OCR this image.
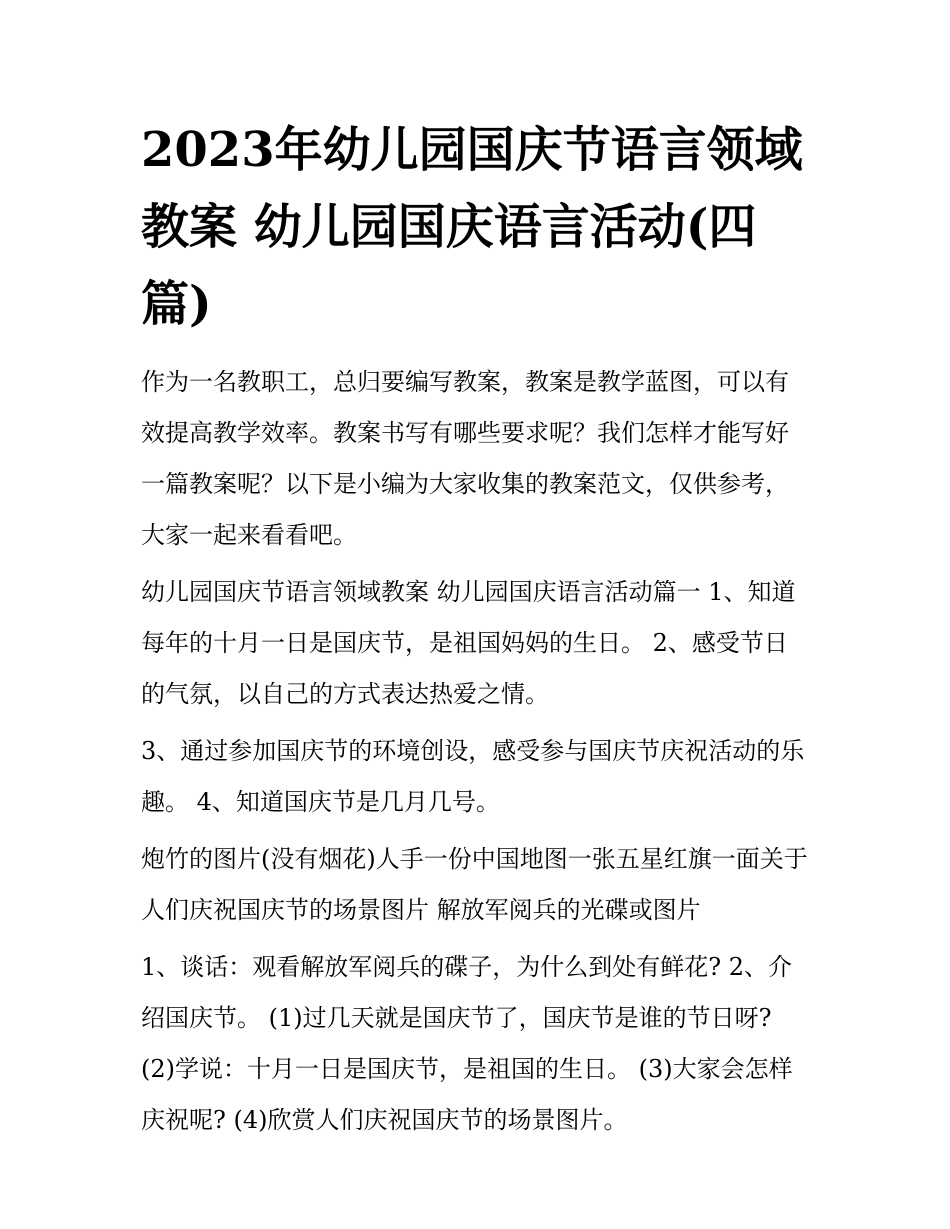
2023年幼儿园国庆节语言领域教案 幼儿园国庆语言活动(四篇)

作为一名教职工，总归要编写教案，教案是教学蓝图，可以有效提高教学效率。教案书写有哪些要求呢？我们怎样才能写好一篇教案呢？以下是小编为大家收集的教案范文，仅供参考，大家一起来看看吧。

幼儿园国庆节语言领域教案 幼儿园国庆语言活动篇一 1、知道每年的十月一日是国庆节，是祖国妈妈的生日。 2、感受节日的气氛，以自己的方式表达热爱之情。

3、通过参加国庆节的环境创设，感受参与国庆节庆祝活动的乐趣。 4、知道国庆节是几月几号。

炮竹的图片(没有烟花)人手一份中国地图一张五星红旗一面关于人们庆祝国庆节的场景图片 解放军阅兵的光碟或图片

1、谈话：观看解放军阅兵的碟子，为什么到处有鲜花? 2、介绍国庆节。 (1)过几天就是国庆节了，国庆节是谁的节日呀? (2)学说：十月一日是国庆节，是祖国的生日。 (3)大家会怎样庆祝呢? (4)欣赏人们庆祝国庆节的场景图片。
